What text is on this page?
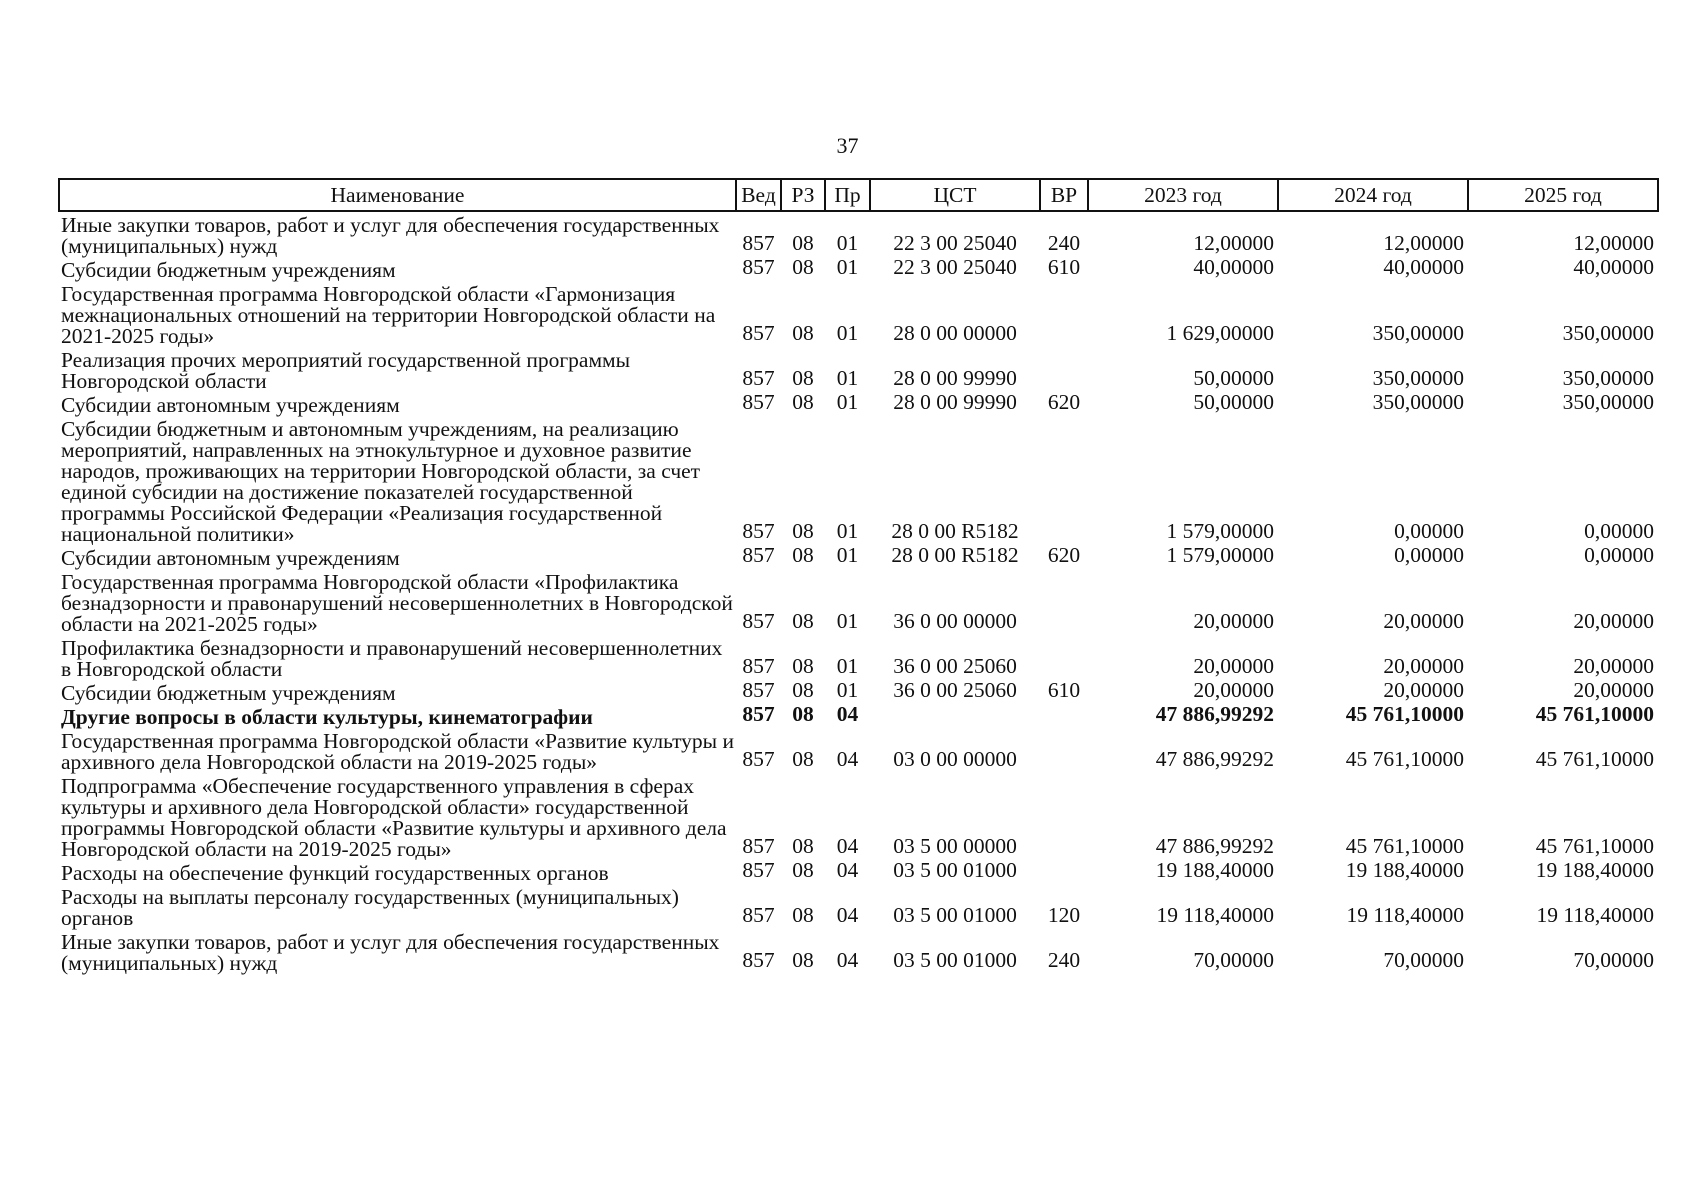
37
Наименование	Вед	РЗ	Пр	ЦСТ	ВР	2023 год	2024 год	2025 год
Иные закупки товаров, работ и услуг для обеспечения государственных (муниципальных) нужд	857	08	01	22 3 00 25040	240	12,00000	12,00000	12,00000
Субсидии бюджетным учреждениям	857	08	01	22 3 00 25040	610	40,00000	40,00000	40,00000
Государственная программа Новгородской области «Гармонизация межнациональных отношений на территории Новгородской области на 2021-2025 годы»	857	08	01	28 0 00 00000		1 629,00000	350,00000	350,00000
Реализация прочих мероприятий государственной программы Новгородской области	857	08	01	28 0 00 99990		50,00000	350,00000	350,00000
Субсидии автономным учреждениям	857	08	01	28 0 00 99990	620	50,00000	350,00000	350,00000
Субсидии бюджетным и автономным учреждениям, на реализацию мероприятий, направленных на этнокультурное и духовное развитие народов, проживающих на территории Новгородской области, за счет единой субсидии на достижение показателей государственной программы Российской Федерации «Реализация государственной национальной политики»	857	08	01	28 0 00 R5182		1 579,00000	0,00000	0,00000
Субсидии автономным учреждениям	857	08	01	28 0 00 R5182	620	1 579,00000	0,00000	0,00000
Государственная программа Новгородской области «Профилактика безнадзорности и правонарушений несовершеннолетних в Новгородской области на 2021-2025 годы»	857	08	01	36 0 00 00000		20,00000	20,00000	20,00000
Профилактика безнадзорности и правонарушений несовершеннолетних в Новгородской области	857	08	01	36 0 00 25060		20,00000	20,00000	20,00000
Субсидии бюджетным учреждениям	857	08	01	36 0 00 25060	610	20,00000	20,00000	20,00000
Другие вопросы в области культуры, кинематографии	857	08	04			47 886,99292	45 761,10000	45 761,10000
Государственная программа Новгородской области «Развитие культуры и архивного дела Новгородской области на 2019-2025 годы»	857	08	04	03 0 00 00000		47 886,99292	45 761,10000	45 761,10000
Подпрограмма «Обеспечение государственного управления в сферах культуры и архивного дела Новгородской области» государственной программы Новгородской области «Развитие культуры и архивного дела Новгородской области на 2019-2025 годы»	857	08	04	03 5 00 00000		47 886,99292	45 761,10000	45 761,10000
Расходы на обеспечение функций государственных органов	857	08	04	03 5 00 01000		19 188,40000	19 188,40000	19 188,40000
Расходы на выплаты персоналу государственных (муниципальных) органов	857	08	04	03 5 00 01000	120	19 118,40000	19 118,40000	19 118,40000
Иные закупки товаров, работ и услуг для обеспечения государственных (муниципальных) нужд	857	08	04	03 5 00 01000	240	70,00000	70,00000	70,00000
